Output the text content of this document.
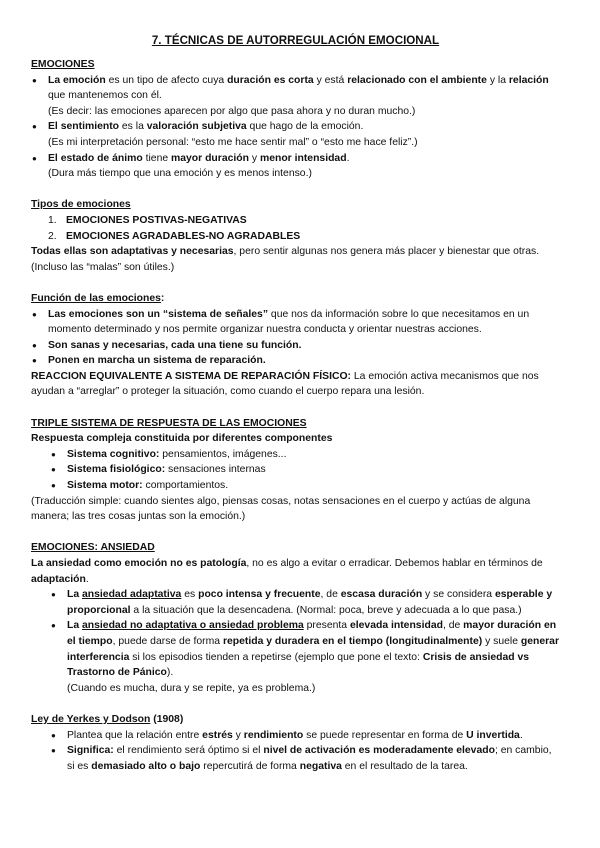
7. TÉCNICAS DE AUTORREGULACIÓN EMOCIONAL

EMOCIONES

● La emoción es un tipo de afecto cuya duración es corta y está relacionado con el ambiente y la relación que mantenemos con él.
(Es decir: las emociones aparecen por algo que pasa ahora y no duran mucho.)
● El sentimiento es la valoración subjetiva que hago de la emoción.
(Es mi interpretación personal: “esto me hace sentir mal” o “esto me hace feliz”.)
● El estado de ánimo tiene mayor duración y menor intensidad.
(Dura más tiempo que una emoción y es menos intenso.)

Tipos de emociones

1. EMOCIONES POSTIVAS-NEGATIVAS
2. EMOCIONES AGRADABLES-NO AGRADABLES

Todas ellas son adaptativas y necesarias, pero sentir algunas nos genera más placer y bienestar que otras.

(Incluso las “malas” son útiles.)

Función de las emociones:

● Las emociones son un “sistema de señales” que nos da información sobre lo que necesitamos en un momento determinado y nos permite organizar nuestra conducta y orientar nuestras acciones.
● Son sanas y necesarias, cada una tiene su función.
● Ponen en marcha un sistema de reparación.

REACCION EQUIVALENTE A SISTEMA DE REPARACIÓN FÍSICO: La emoción activa mecanismos que nos ayudan a “arreglar” o proteger la situación, como cuando el cuerpo repara una lesión.

TRIPLE SISTEMA DE RESPUESTA DE LAS EMOCIONES

Respuesta compleja constituida por diferentes componentes

● Sistema cognitivo: pensamientos, imágenes...
● Sistema fisiológico: sensaciones internas
● Sistema motor: comportamientos.

(Traducción simple: cuando sientes algo, piensas cosas, notas sensaciones en el cuerpo y actúas de alguna manera; las tres cosas juntas son la emoción.)

EMOCIONES: ANSIEDAD

La ansiedad como emoción no es patología, no es algo a evitar o erradicar. Debemos hablar en términos de adaptación.

● La ansiedad adaptativa es poco intensa y frecuente, de escasa duración y se considera esperable y proporcional a la situación que la desencadena. (Normal: poca, breve y adecuada a lo que pasa.)
● La ansiedad no adaptativa o ansiedad problema presenta elevada intensidad, de mayor duración en el tiempo, puede darse de forma repetida y duradera en el tiempo (longitudinalmente) y suele generar interferencia si los episodios tienden a repetirse (ejemplo que pone el texto: Crisis de ansiedad vs Trastorno de Pánico).
(Cuando es mucha, dura y se repite, ya es problema.)

Ley de Yerkes y Dodson (1908)

● Plantea que la relación entre estrés y rendimiento se puede representar en forma de U invertida.
● Significa: el rendimiento será óptimo si el nivel de activación es moderadamente elevado; en cambio, si es demasiado alto o bajo repercutirá de forma negativa en el resultado de la tarea.
